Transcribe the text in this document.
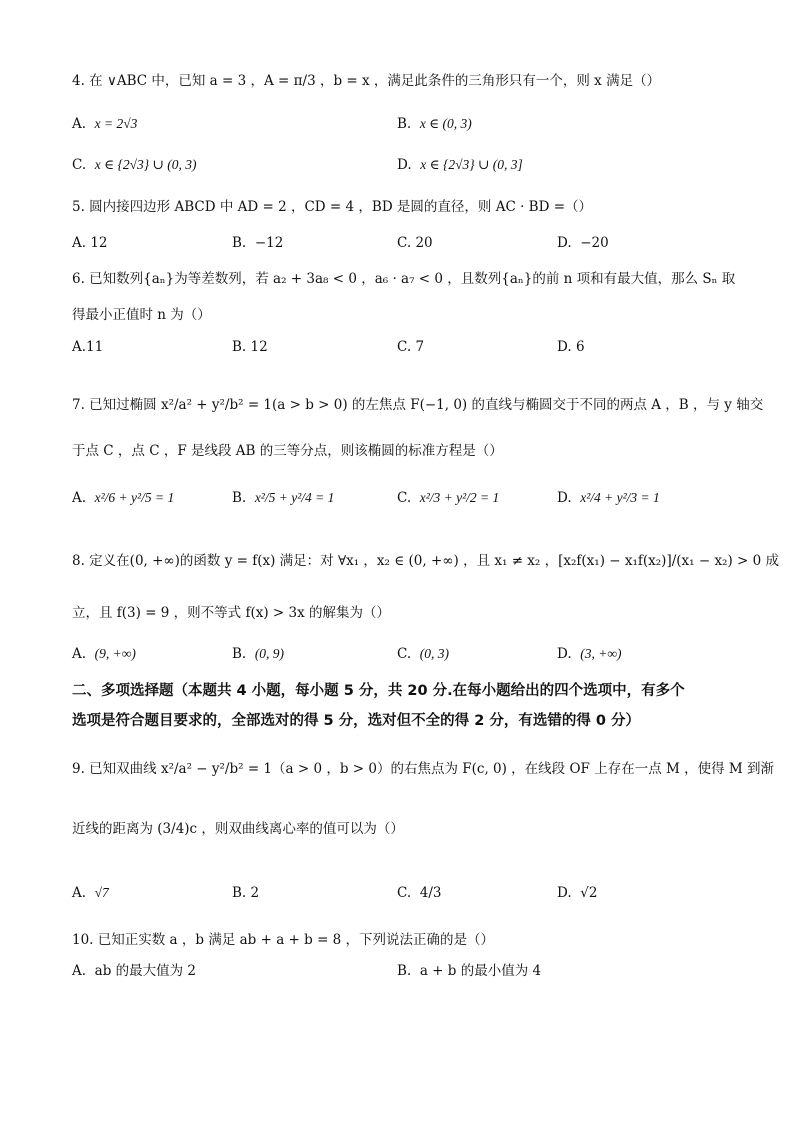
4. 在 ∨ABC 中，已知 a = 3 ，A = π/3 ，b = x ，满足此条件的三角形只有一个，则 x 满足（）
A. x = 2√3	B. x ∈ (0, 3)
C. x ∈ {2√3} ∪ (0, 3)	D. x ∈ {2√3} ∪ (0, 3]
5. 圆内接四边形 ABCD 中 AD = 2 ，CD = 4 ，BD 是圆的直径，则 AC · BD =（）
A. 12	B. −12	C. 20	D. −20
6. 已知数列{aₙ}为等差数列，若 a₂ + 3a₈ < 0 ，a₆ · a₇ < 0 ，且数列{aₙ}的前 n 项和有最大值，那么 Sₙ 取
得最小正值时 n 为（）
A.11	B. 12	C. 7	D. 6
7. 已知过椭圆 x²/a² + y²/b² = 1(a > b > 0) 的左焦点 F(−1, 0) 的直线与椭圆交于不同的两点 A ，B ，与 y 轴交
于点 C ，点 C ，F 是线段 AB 的三等分点，则该椭圆的标准方程是（）
A. x²/6 + y²/5 = 1	B. x²/5 + y²/4 = 1	C. x²/3 + y²/2 = 1	D. x²/4 + y²/3 = 1
8. 定义在(0, +∞)的函数 y = f(x) 满足：对 ∀x₁ ，x₂ ∈ (0, +∞) ，且 x₁ ≠ x₂ ，[x₂f(x₁) − x₁f(x₂)]/(x₁ − x₂) > 0 成
立，且 f(3) = 9 ，则不等式 f(x) > 3x 的解集为（）
A. (9, +∞)	B. (0, 9)	C. (0, 3)	D. (3, +∞)
二、多项选择题（本题共 4 小题，每小题 5 分，共 20 分.在每小题给出的四个选项中，有多个
选项是符合题目要求的，全部选对的得 5 分，选对但不全的得 2 分，有选错的得 0 分）
9. 已知双曲线 x²/a² − y²/b² = 1（a > 0 ，b > 0）的右焦点为 F(c, 0) ，在线段 OF 上存在一点 M ，使得 M 到渐
近线的距离为 (3/4)c ，则双曲线离心率的值可以为（）
A. √7	B. 2	C. 4/3	D. √2
10. 已知正实数 a ，b 满足 ab + a + b = 8 ，下列说法正确的是（）
A. ab 的最大值为 2	B. a + b 的最小值为 4
